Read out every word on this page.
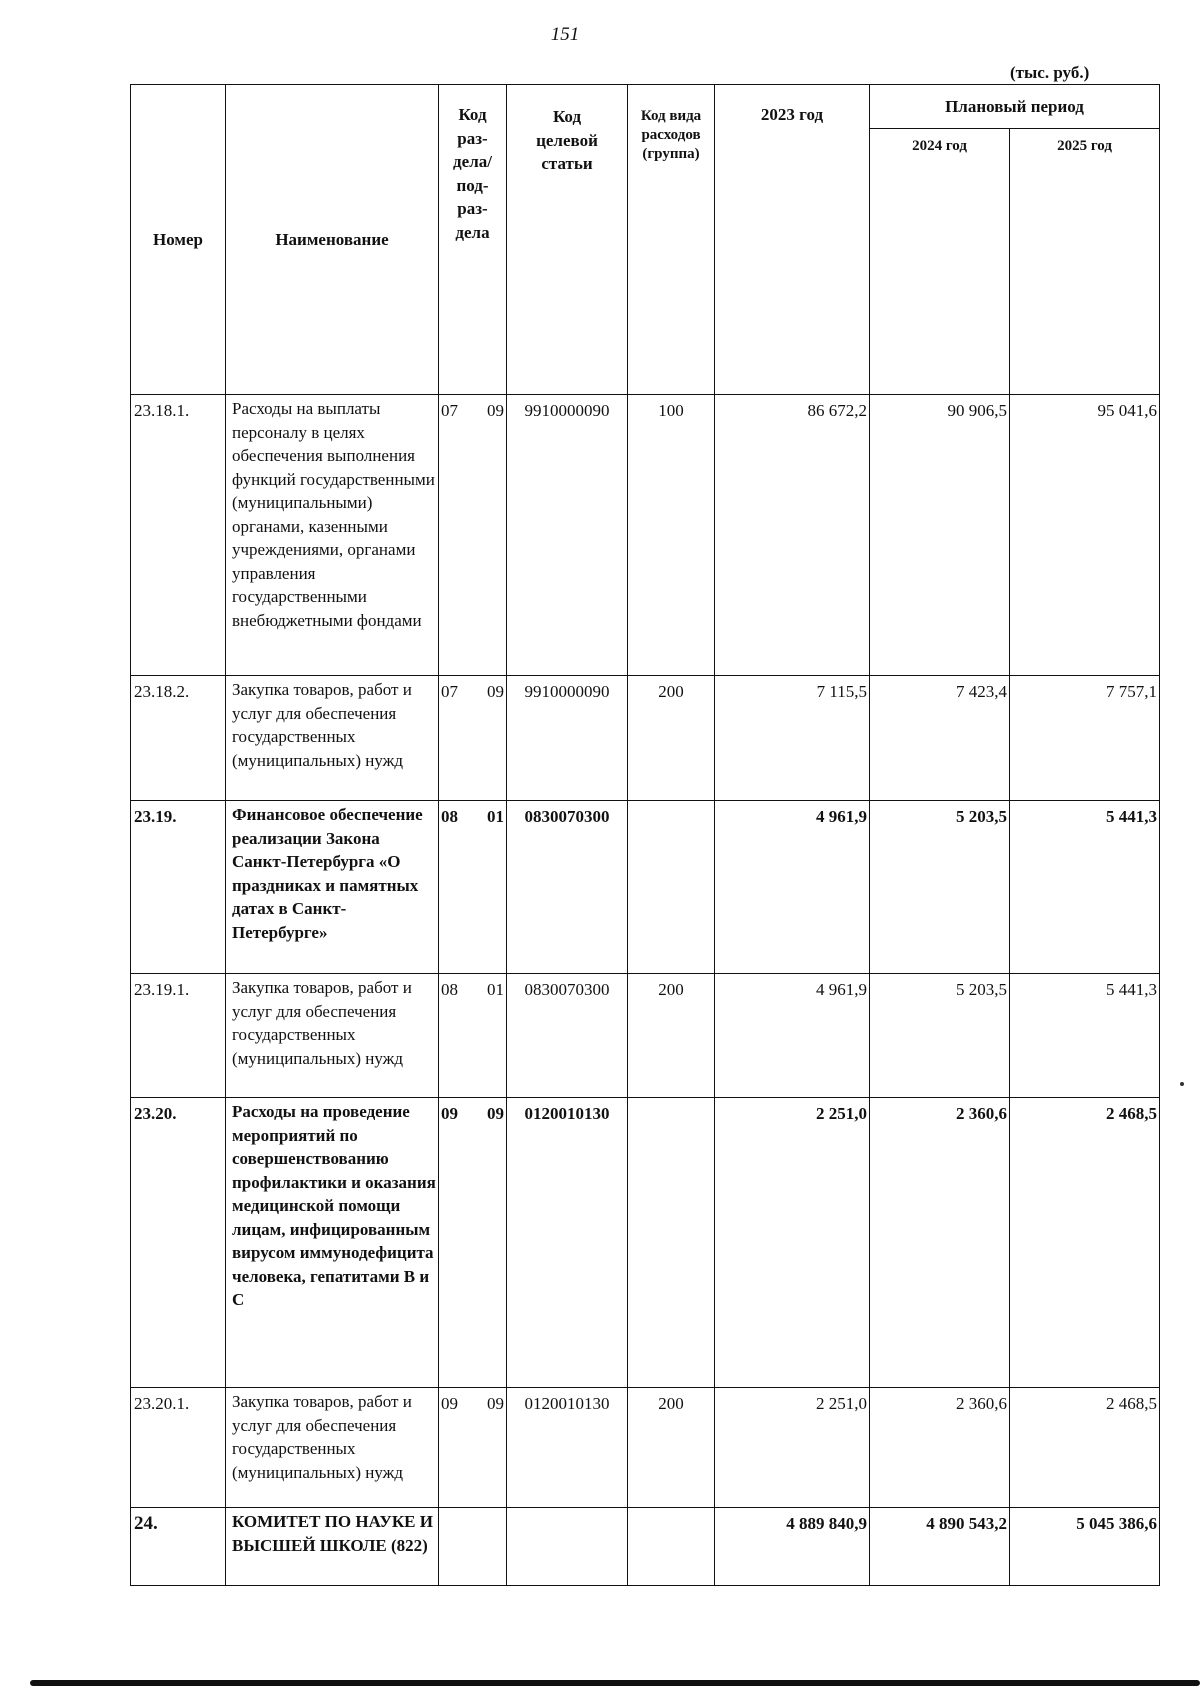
151
(тыс. руб.)
Номер	Наименование	Код раз-дела/ под-раз-дела	Код целевой статьи	Код вида расходов (группа)	2023 год	Плановый период	
						2024 год	2025 год
23.18.1.	Расходы на выплаты персоналу в целях обеспечения выполнения функций государственными (муниципальными) органами, казенными учреждениями, органами управления государственными внебюджетными фондами	07 09	9910000090	100	86 672,2	90 906,5	95 041,6
23.18.2.	Закупка товаров, работ и услуг для обеспечения государственных (муниципальных) нужд	07 09	9910000090	200	7 115,5	7 423,4	7 757,1
23.19.	Финансовое обеспечение реализации Закона Санкт-Петербурга «О праздниках и памятных датах в Санкт-Петербурге»	08 01	0830070300		4 961,9	5 203,5	5 441,3
23.19.1.	Закупка товаров, работ и услуг для обеспечения государственных (муниципальных) нужд	08 01	0830070300	200	4 961,9	5 203,5	5 441,3
23.20.	Расходы на проведение мероприятий по совершенствованию профилактики и оказания медицинской помощи лицам, инфицированным вирусом иммунодефицита человека, гепатитами В и С	09 09	0120010130		2 251,0	2 360,6	2 468,5
23.20.1.	Закупка товаров, работ и услуг для обеспечения государственных (муниципальных) нужд	09 09	0120010130	200	2 251,0	2 360,6	2 468,5
24.	КОМИТЕТ ПО НАУКЕ И ВЫСШЕЙ ШКОЛЕ (822)				4 889 840,9	4 890 543,2	5 045 386,6
